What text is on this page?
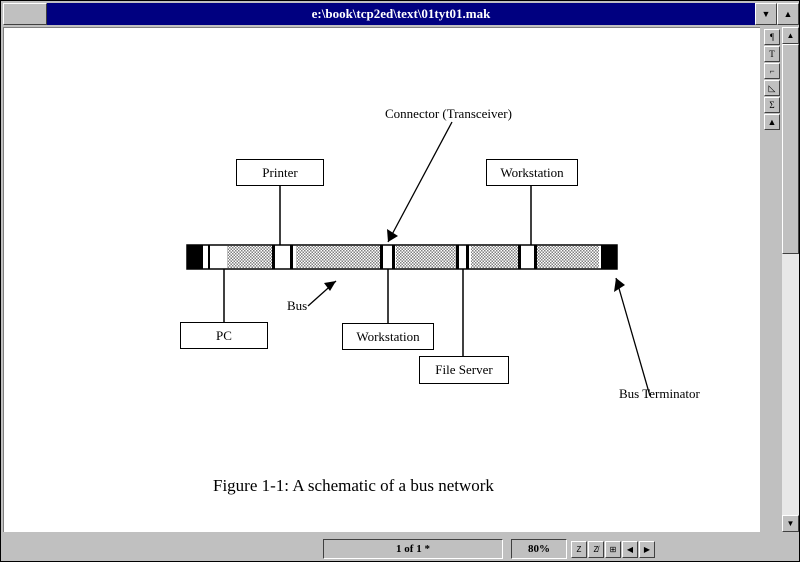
e:\book\tcp2ed\text\01tyt01.mak	▼	▲
Printer	Workstation
PC	Workstation
File Server
Connector (Transceiver)
Bus
Bus Terminator
Figure 1-1: A schematic of a bus network
¶
T
⌐
◺
Σ
▲
▲
▼
1 of 1 *	80%	Z	Z̸	⊞	◀	▶
